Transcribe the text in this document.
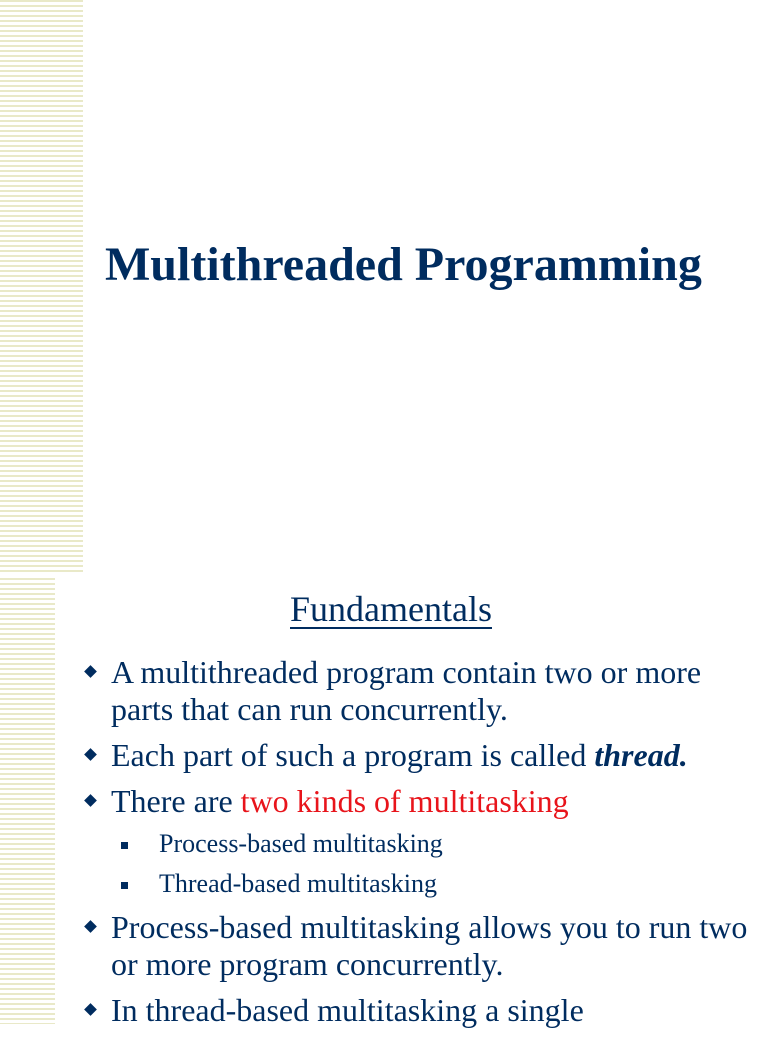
Multithreaded Programming
Fundamentals
A multithreaded program contain two or more parts that can run concurrently.
Each part of such a program is called thread.
There are two kinds of multitasking
Process-based multitasking
Thread-based multitasking
Process-based multitasking allows you to run two or more program concurrently.
In thread-based multitasking a single
